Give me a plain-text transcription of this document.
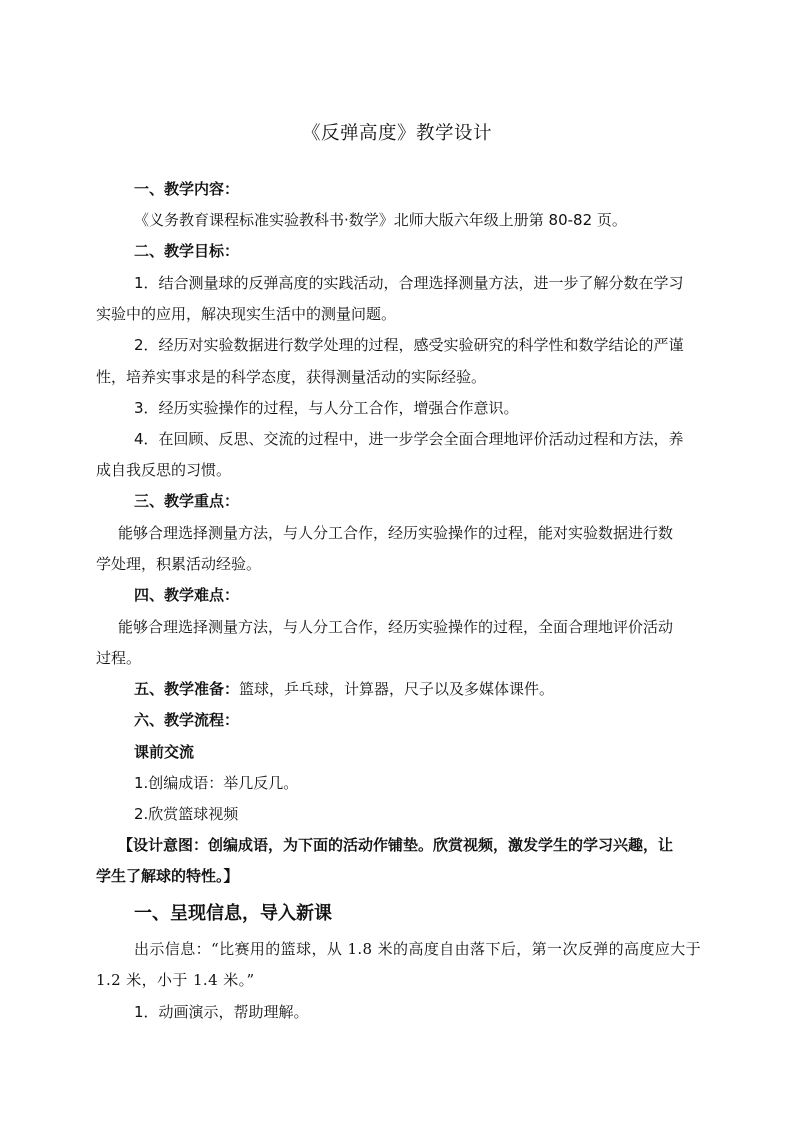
《反弹高度》教学设计
一、教学内容：
《义务教育课程标准实验教科书·数学》北师大版六年级上册第 80-82 页。
二、教学目标：
1．结合测量球的反弹高度的实践活动，合理选择测量方法，进一步了解分数在学习
实验中的应用，解决现实生活中的测量问题。
2．经历对实验数据进行数学处理的过程，感受实验研究的科学性和数学结论的严谨
性，培养实事求是的科学态度，获得测量活动的实际经验。
3．经历实验操作的过程，与人分工合作，增强合作意识。
4．在回顾、反思、交流的过程中，进一步学会全面合理地评价活动过程和方法，养
成自我反思的习惯。
三、教学重点：
能够合理选择测量方法，与人分工合作，经历实验操作的过程，能对实验数据进行数
学处理，积累活动经验。
四、教学难点：
能够合理选择测量方法，与人分工合作，经历实验操作的过程，全面合理地评价活动
过程。
五、教学准备：篮球，乒乓球，计算器，尺子以及多媒体课件。
六、教学流程：
课前交流
1.创编成语：举几反几。
2.欣赏篮球视频
【设计意图：创编成语，为下面的活动作铺垫。欣赏视频，激发学生的学习兴趣，让
学生了解球的特性。】
一、呈现信息，导入新课
出示信息：“比赛用的篮球，从 1.8 米的高度自由落下后，第一次反弹的高度应大于
1.2 米，小于 1.4 米。”
1．动画演示，帮助理解。
